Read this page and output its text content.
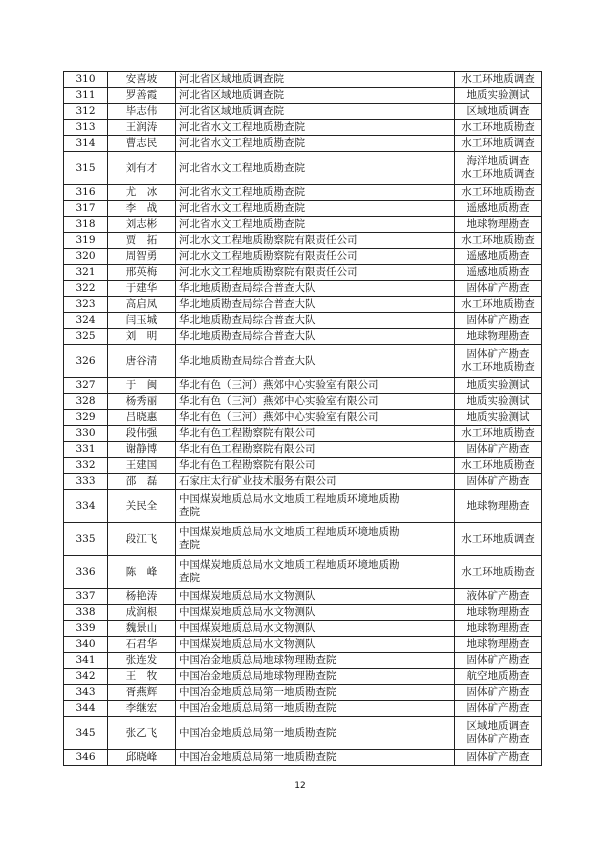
310	安喜坡	河北省区域地质调查院	水工环地质调查

311	罗善霞	河北省区域地质调查院	地质实验测试

312	毕志伟	河北省区域地质调查院	区域地质调查

313	王润涛	河北省水文工程地质勘查院	水工环地质勘查

314	曹志民	河北省水文工程地质勘查院	水工环地质调查

315	刘有才	河北省水文工程地质勘查院	海洋地质调查
水工环地质调查

316	尤　冰	河北省水文工程地质勘查院	水工环地质勘查

317	李　战	河北省水文工程地质勘查院	遥感地质勘查

318	刘志彬	河北省水文工程地质勘查院	地球物理勘查

319	贾　拓	河北水文工程地质勘察院有限责任公司	水工环地质勘查

320	周智勇	河北水文工程地质勘察院有限责任公司	遥感地质勘查

321	邢英梅	河北水文工程地质勘察院有限责任公司	遥感地质勘查

322	于建华	华北地质勘查局综合普查大队	固体矿产勘查

323	高启凤	华北地质勘查局综合普查大队	水工环地质勘查

324	闫玉城	华北地质勘查局综合普查大队	固体矿产勘查

325	刘　明	华北地质勘查局综合普查大队	地球物理勘查

326	唐谷清	华北地质勘查局综合普查大队	固体矿产勘查
水工环地质勘查

327	于　闽	华北有色（三河）燕郊中心实验室有限公司	地质实验测试

328	杨秀丽	华北有色（三河）燕郊中心实验室有限公司	地质实验测试

329	吕晓惠	华北有色（三河）燕郊中心实验室有限公司	地质实验测试

330	段伟强	华北有色工程勘察院有限公司	水工环地质勘查

331	谢静博	华北有色工程勘察院有限公司	固体矿产勘查

332	王建国	华北有色工程勘察院有限公司	水工环地质勘查

333	邵　磊	石家庄太行矿业技术服务有限公司	固体矿产勘查

334	关民全	中国煤炭地质总局水文地质工程地质环境地质勘
查院	地球物理勘查

335	段江飞	中国煤炭地质总局水文地质工程地质环境地质勘
查院	水工环地质调查

336	陈　峰	中国煤炭地质总局水文地质工程地质环境地质勘
查院	水工环地质勘查

337	杨艳涛	中国煤炭地质总局水文物测队	液体矿产勘查

338	成润根	中国煤炭地质总局水文物测队	地球物理勘查

339	魏景山	中国煤炭地质总局水文物测队	地球物理勘查

340	石君华	中国煤炭地质总局水文物测队	地球物理勘查

341	张连发	中国冶金地质总局地球物理勘查院	固体矿产勘查

342	王　牧	中国冶金地质总局地球物理勘查院	航空地质勘查

343	胥燕辉	中国冶金地质总局第一地质勘查院	固体矿产勘查

344	李继宏	中国冶金地质总局第一地质勘查院	固体矿产勘查

345	张乙飞	中国冶金地质总局第一地质勘查院	区域地质调查
固体矿产勘查

346	邱晓峰	中国冶金地质总局第一地质勘查院	固体矿产勘查
12
